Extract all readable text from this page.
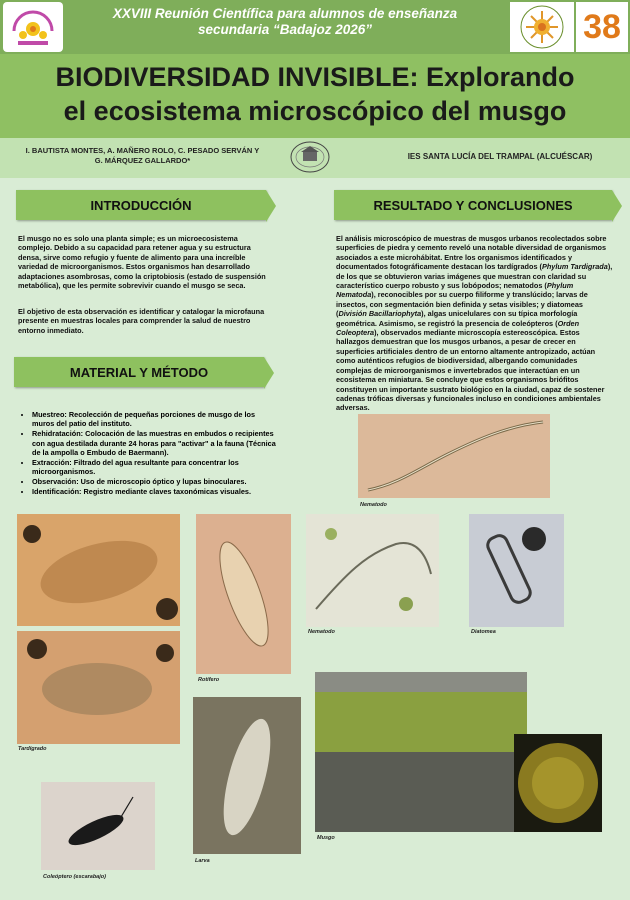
XXVIII Reunión Científica para alumnos de enseñanza
secundaria “Badajoz 2026”	38
BIODIVERSIDAD INVISIBLE: Explorando
el ecosistema microscópico del musgo
I. BAUTISTA MONTES, A. MAÑERO ROLO, C. PESADO SERVÁN Y
G. MÁRQUEZ GALLARDO*	IES SANTA LUCÍA DEL TRAMPAL (ALCUÉSCAR)
INTRODUCCIÓN	RESULTADO Y CONCLUSIONES
MATERIAL Y MÉTODO
El musgo no es solo una planta simple; es un microecosistema complejo. Debido a su capacidad para retener agua y su estructura densa, sirve como refugio y fuente de alimento para una increíble variedad de microorganismos. Estos organismos han desarrollado adaptaciones asombrosas, como la criptobiosis (estado de suspensión metabólica), que les permite sobrevivir cuando el musgo se seca.
El objetivo de esta observación es identificar y catalogar la microfauna presente en muestras locales para comprender la salud de nuestro entorno inmediato.
El análisis microscópico de muestras de musgos urbanos recolectados sobre superficies de piedra y cemento reveló una notable diversidad de organismos asociados a este microhábitat. Entre los organismos identificados y documentados fotográficamente destacan los tardígrados (Phylum Tardigrada), de los que se obtuvieron varias imágenes que muestran con claridad su característico cuerpo robusto y sus lobópodos; nematodos (Phylum Nematoda), reconocibles por su cuerpo filiforme y translúcido; larvas de insectos, con segmentación bien definida y setas visibles; y diatomeas (División Bacillariophyta), algas unicelulares con su típica morfología geométrica. Asimismo, se registró la presencia de coleópteros (Orden Coleoptera), observados mediante microscopía estereoscópica. Estos hallazgos demuestran que los musgos urbanos, a pesar de crecer en superficies artificiales dentro de un entorno altamente antropizado, actúan como auténticos refugios de biodiversidad, albergando comunidades complejas de microorganismos e invertebrados que interactúan en un ecosistema en miniatura. Se concluye que estos organismos briófitos constituyen un importante sustrato biológico en la ciudad, capaz de sostener cadenas tróficas diversas y funcionales incluso en condiciones ambientales adversas.
• Muestreo: Recolección de pequeñas porciones de musgo de los muros del patio del instituto.
• Rehidratación: Colocación de las muestras en embudos o recipientes con agua destilada durante 24 horas para "activar" a la fauna (Técnica de la ampolla o Embudo de Baermann).
• Extracción: Filtrado del agua resultante para concentrar los microorganismos.
• Observación: Uso de microscopio óptico y lupas binoculares.
• Identificación: Registro mediante claves taxonómicas visuales.
Nematodo
Tardígrado
Rotífero
Nematodo	Diatomea
Musgo
Larva
Coleóptero (escarabajo)
